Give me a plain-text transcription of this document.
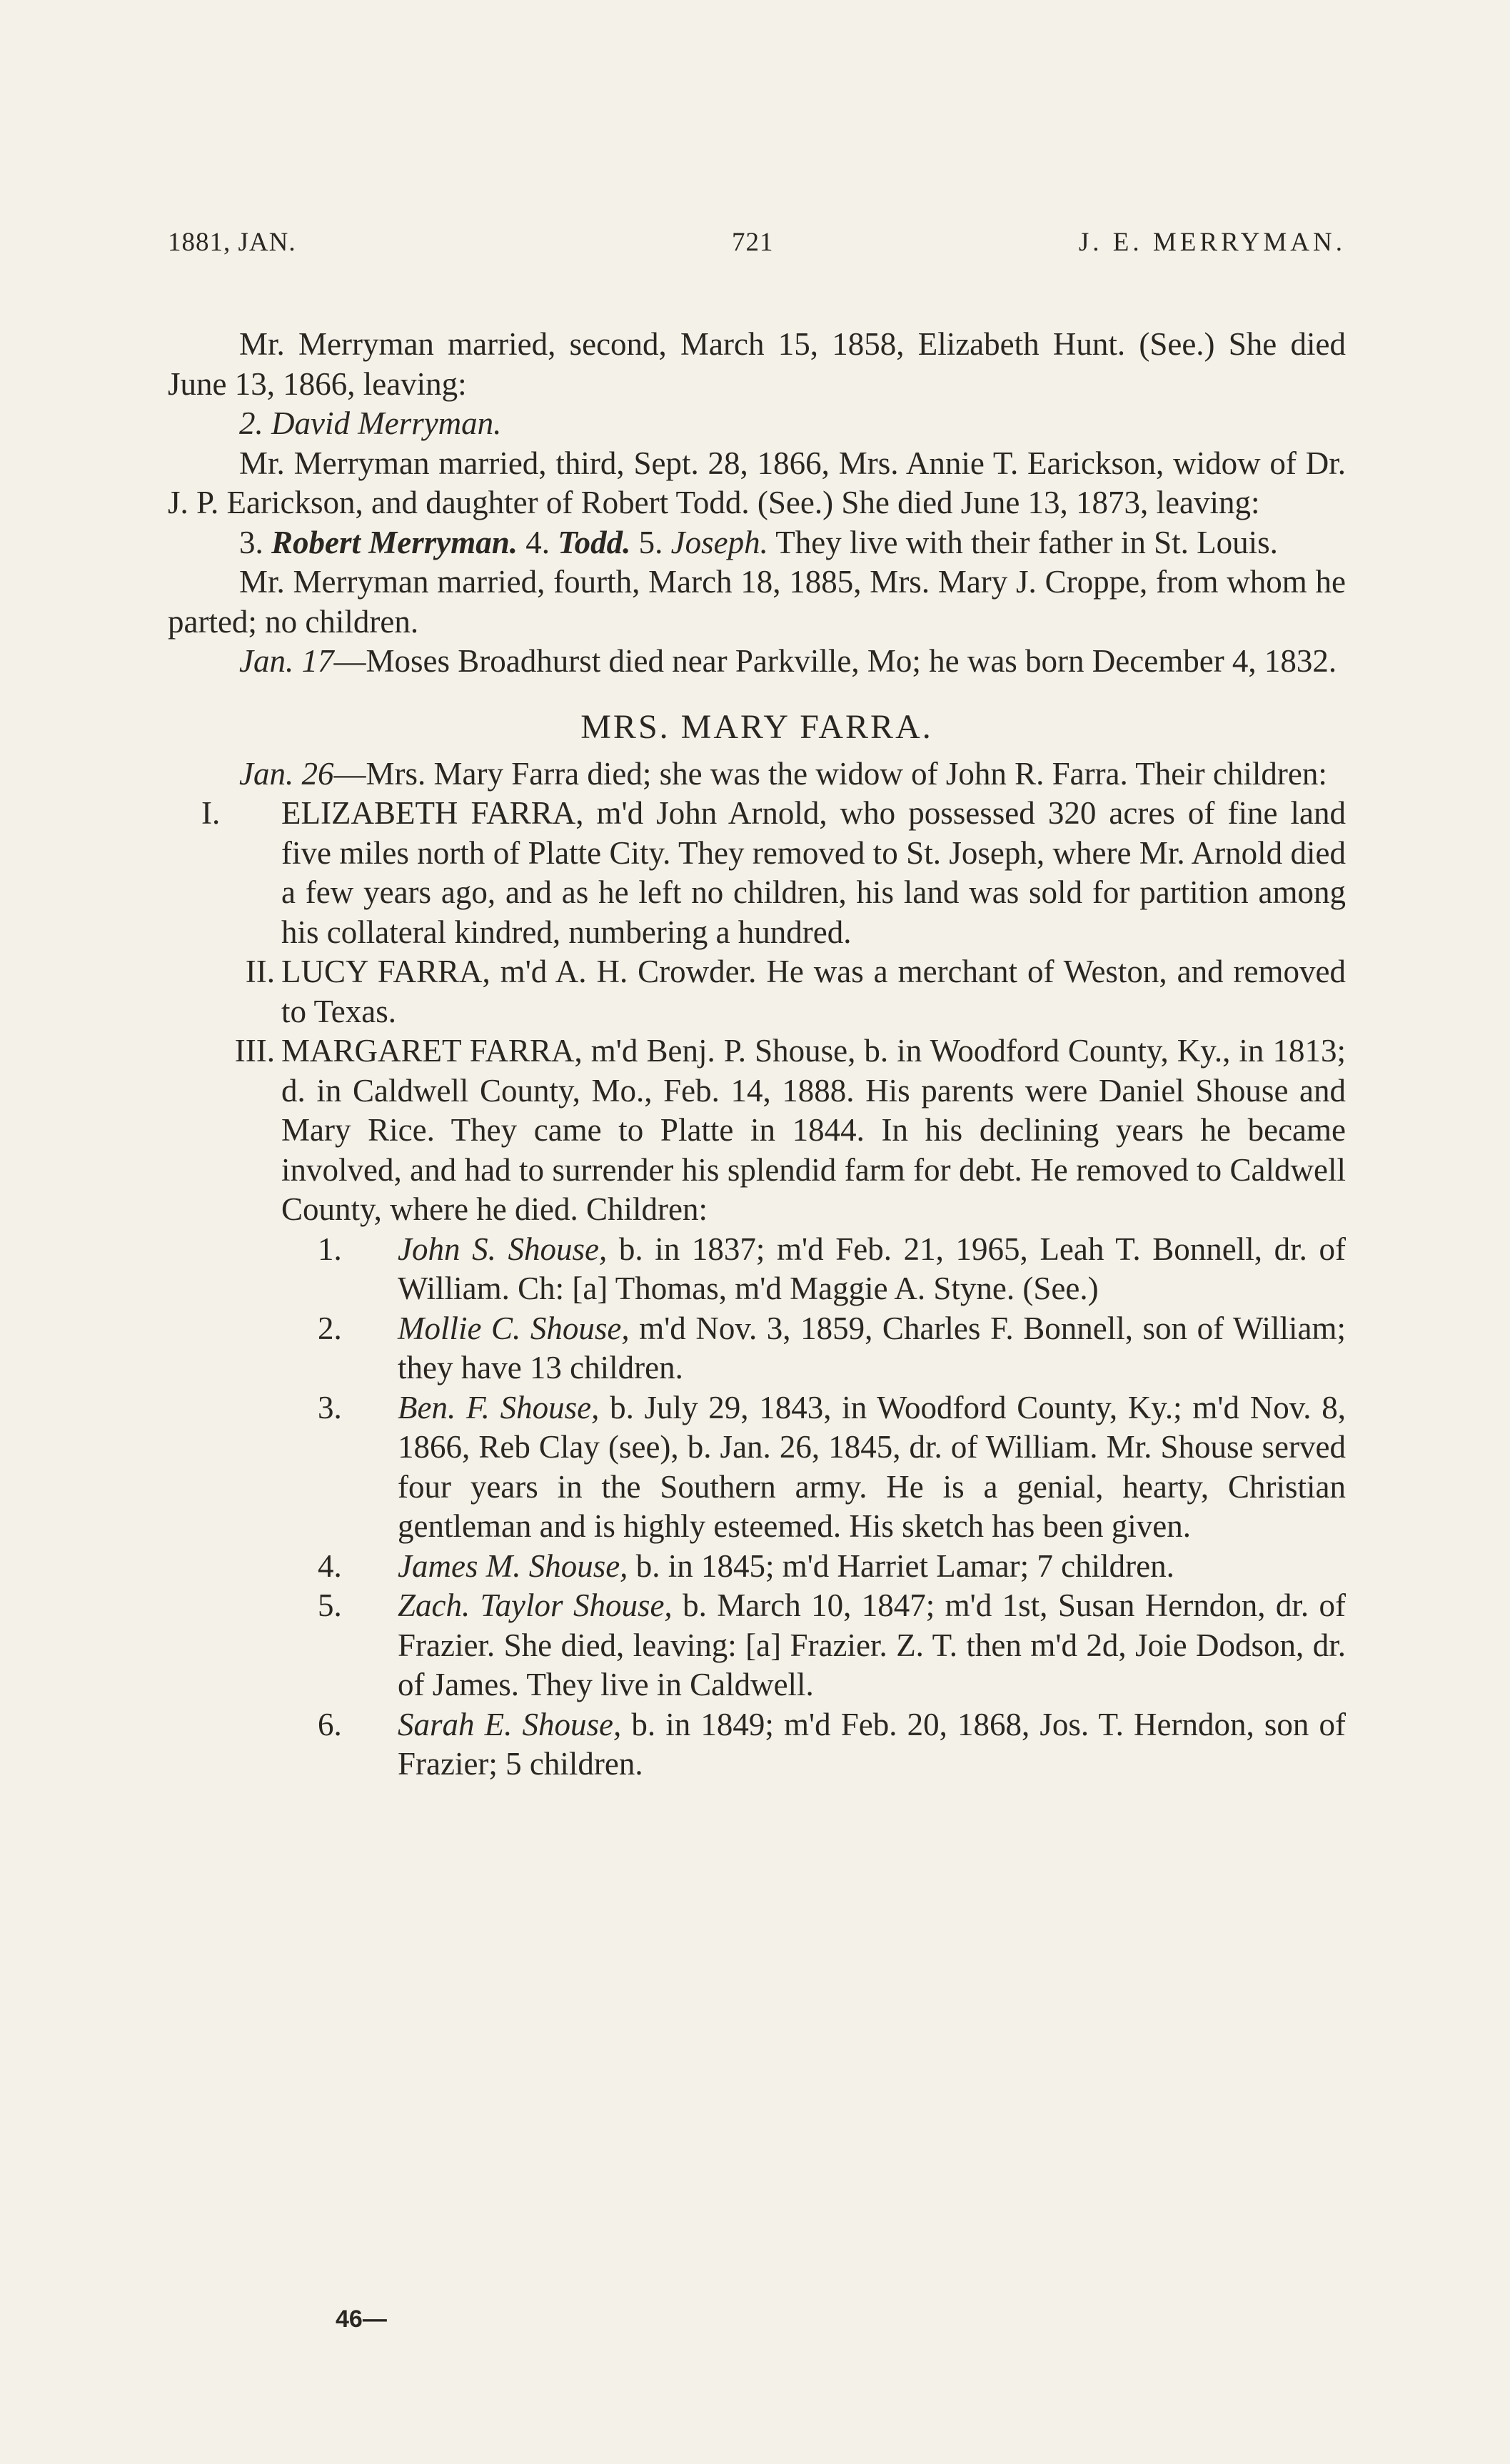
1881, JAN.	721	J. E. MERRYMAN.
Mr. Merryman married, second, March 15, 1858, Elizabeth Hunt. (See.) She died June 13, 1866, leaving:
2. David Merryman.
Mr. Merryman married, third, Sept. 28, 1866, Mrs. Annie T. Earickson, widow of Dr. J. P. Earickson, and daughter of Robert Todd. (See.) She died June 13, 1873, leaving:
3. Robert Merryman. 4. Todd. 5. Joseph. They live with their father in St. Louis.
Mr. Merryman married, fourth, March 18, 1885, Mrs. Mary J. Croppe, from whom he parted; no children.
Jan. 17—Moses Broadhurst died near Parkville, Mo; he was born December 4, 1832.
MRS. MARY FARRA.
Jan. 26—Mrs. Mary Farra died; she was the widow of John R. Farra. Their children:
I. ELIZABETH FARRA, m'd John Arnold, who possessed 320 acres of fine land five miles north of Platte City. They removed to St. Joseph, where Mr. Arnold died a few years ago, and as he left no children, his land was sold for partition among his collateral kindred, numbering a hundred.
II. LUCY FARRA, m'd A. H. Crowder. He was a merchant of Weston, and removed to Texas.
III. MARGARET FARRA, m'd Benj. P. Shouse, b. in Woodford County, Ky., in 1813; d. in Caldwell County, Mo., Feb. 14, 1888. His parents were Daniel Shouse and Mary Rice. They came to Platte in 1844. In his declining years he became involved, and had to surrender his splendid farm for debt. He removed to Caldwell County, where he died. Children:
1. John S. Shouse, b. in 1837; m'd Feb. 21, 1965, Leah T. Bonnell, dr. of William. Ch: [a] Thomas, m'd Maggie A. Styne. (See.)
2. Mollie C. Shouse, m'd Nov. 3, 1859, Charles F. Bonnell, son of William; they have 13 children.
3. Ben. F. Shouse, b. July 29, 1843, in Woodford County, Ky.; m'd Nov. 8, 1866, Reb Clay (see), b. Jan. 26, 1845, dr. of William. Mr. Shouse served four years in the Southern army. He is a genial, hearty, Christian gentleman and is highly esteemed. His sketch has been given.
4. James M. Shouse, b. in 1845; m'd Harriet Lamar; 7 children.
5. Zach. Taylor Shouse, b. March 10, 1847; m'd 1st, Susan Herndon, dr. of Frazier. She died, leaving: [a] Frazier. Z. T. then m'd 2d, Joie Dodson, dr. of James. They live in Caldwell.
6. Sarah E. Shouse, b. in 1849; m'd Feb. 20, 1868, Jos. T. Herndon, son of Frazier; 5 children.
46—
